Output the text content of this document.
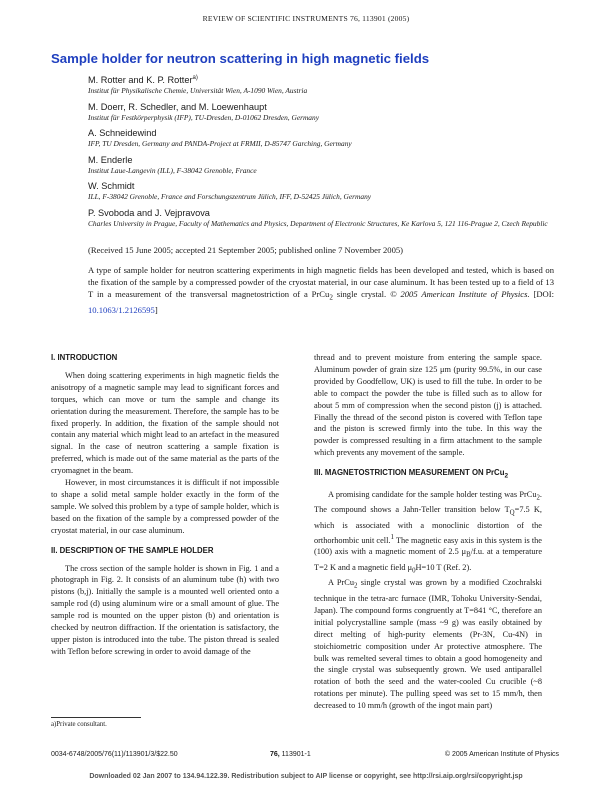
REVIEW OF SCIENTIFIC INSTRUMENTS 76, 113901 (2005)
Sample holder for neutron scattering in high magnetic fields
M. Rotter and K. P. Rotter$^{a)}$
Institut für Physikalische Chemie, Universität Wien, A-1090 Wien, Austria
M. Doerr, R. Schedler, and M. Loewenhaupt
Institut für Festkörperphysik (IFP), TU-Dresden, D-01062 Dresden, Germany
A. Schneidewind
IFP, TU Dresden, Germany and PANDA-Project at FRMII, D-85747 Garching, Germany
M. Enderle
Institut Laue-Langevin (ILL), F-38042 Grenoble, France
W. Schmidt
ILL, F-38042 Grenoble, France and Forschungszentrum Jülich, IFF, D-52425 Jülich, Germany
P. Svoboda and J. Vejpravova
Charles University in Prague, Faculty of Mathematics and Physics, Department of Electronic Structures, Ke Karlova 5, 121 116-Prague 2, Czech Republic
(Received 15 June 2005; accepted 21 September 2005; published online 7 November 2005)
A type of sample holder for neutron scattering experiments in high magnetic fields has been developed and tested, which is based on the fixation of the sample by a compressed powder of the cryostat material, in our case aluminum. It has been tested up to a field of 13 T in a measurement of the transversal magnetostriction of a PrCu$_2$ single crystal. © 2005 American Institute of Physics. [DOI: 10.1063/1.2126595]
I. INTRODUCTION

When doing scattering experiments in high magnetic fields the anisotropy of a magnetic sample may lead to significant forces and torques, which can move or turn the sample and change its orientation during the measurement. Therefore, the sample has to be fixed properly. In addition, the fixation of the sample should not contain any material which might lead to an artefact in the measured signal. In the case of neutron scattering a sample fixation is preferred, which is made out of the same material as the parts of the cryomagnet in the beam.

However, in most circumstances it is difficult if not impossible to shape a solid metal sample holder exactly in the form of the sample. We solved this problem by a type of sample holder, which is based on the fixation of the sample by a compressed powder of the cryostat material, in our case aluminum.

II. DESCRIPTION OF THE SAMPLE HOLDER

The cross section of the sample holder is shown in Fig. 1 and a photograph in Fig. 2. It consists of an aluminum tube (h) with two pistons (b,j). Initially the sample is a mounted well oriented onto a sample rod (d) using aluminum wire or a small amount of glue. The sample rod is mounted on the upper piston (b) and orientation is checked by neutron diffraction. If the orientation is satisfactory, the upper piston is introduced into the tube. The piston thread is sealed with Teflon before screwing in order to avoid damage of the

thread and to prevent moisture from entering the sample space. Aluminum powder of grain size 125 μm (purity 99.5%, in our case provided by Goodfellow, UK) is used to fill the tube. In order to be able to compact the powder the tube is filled such as to allow for about 5 mm of compression when the second piston (j) is attached. Finally the thread of the second piston is covered with Teflon tape and the piston is screwed firmly into the tube. In this way the powder is compressed resulting in a firm attachment to the sample which prevents any movement of the sample.

III. MAGNETOSTRICTION MEASUREMENT ON PrCu$_2$

A promising candidate for the sample holder testing was PrCu$_2$. The compound shows a Jahn-Teller transition below $T_Q=7.5$ K, which is associated with a monoclinic distortion of the orthorhombic unit cell.$^1$ The magnetic easy axis in this system is the (100) axis with a magnetic moment of 2.5 $\mu_B/f.u$. at a temperature T=2 K and a magnetic field $\mu_0H=10$ T (Ref. 2).

A PrCu$_2$ single crystal was grown by a modified Czochralski technique in the tetra-arc furnace (IMR, Tohoku University-Sendai, Japan). The compound forms congruently at T=841 °C, therefore an initial polycrystalline sample (mass ~9 g) was easily obtained by direct melting of high-purity elements (Pr-3N, Cu-4N) in stoichiometric composition under Ar protective atmosphere. The bulk was remelted several times to obtain a good homogeneity and the single crystal was subsequently grown. We used antiparallel rotation of both the seed and the water-cooled Cu crucible (~8 rotations per minute). The pulling speed was set to 15 mm/h, then decreased to 10 mm/h (growth of the ingot main part)

a)Private consultant.
0034-6748/2005/76(11)/113901/3/$22.50	76, 113901-1	© 2005 American Institute of Physics
Downloaded 02 Jan 2007 to 134.94.122.39. Redistribution subject to AIP license or copyright, see http://rsi.aip.org/rsi/copyright.jsp
